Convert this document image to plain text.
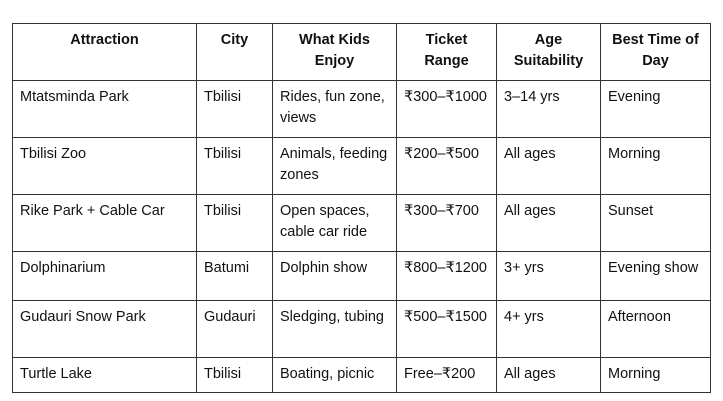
Attraction	City	What Kids Enjoy	Ticket Range	Age Suitability	Best Time of Day
Mtatsminda Park	Tbilisi	Rides, fun zone, views	₹300–₹1000	3–14 yrs	Evening
Tbilisi Zoo	Tbilisi	Animals, feeding zones	₹200–₹500	All ages	Morning
Rike Park + Cable Car	Tbilisi	Open spaces, cable car ride	₹300–₹700	All ages	Sunset
Dolphinarium	Batumi	Dolphin show	₹800–₹1200	3+ yrs	Evening show
Gudauri Snow Park	Gudauri	Sledging, tubing	₹500–₹1500	4+ yrs	Afternoon
Turtle Lake	Tbilisi	Boating, picnic	Free–₹200	All ages	Morning
